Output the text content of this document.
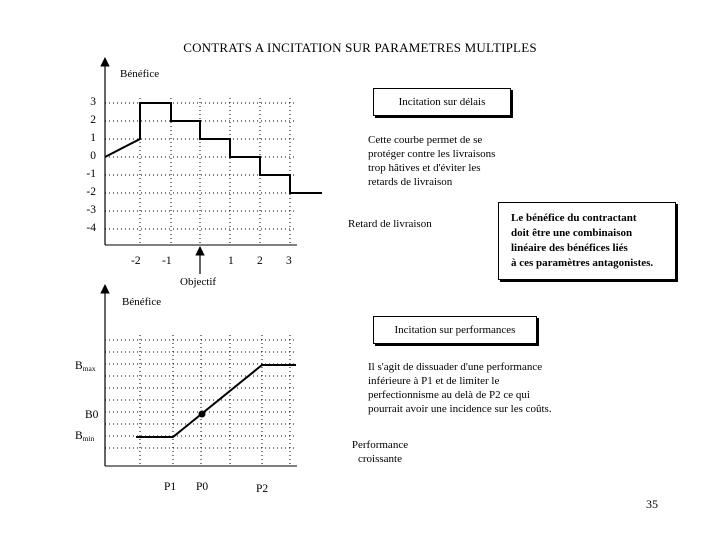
CONTRATS A INCITATION SUR PARAMETRES MULTIPLES
Bénéfice
3
2
1
0
-1
-2
-3
-4
-2 -1	1 2 3
Objectif
Incitation sur délais
Cette courbe permet de se
protéger contre les livraisons
trop hâtives et d'éviter les
retards de livraison
Retard de livraison	Le bénéfice du contractant
doit être une combinaison
linéaire des bénéfices liés
à ces paramètres antagonistes.
Bénéfice
$B_{max}$
B0
$B_{min}$
P1 P0	P2
Incitation sur performances
Il s'agit de dissuader d'une performance
inférieure à P1 et de limiter le
perfectionnisme au delà de P2 ce qui
pourrait avoir une incidence sur les coûts.
Performance
croissante
35
